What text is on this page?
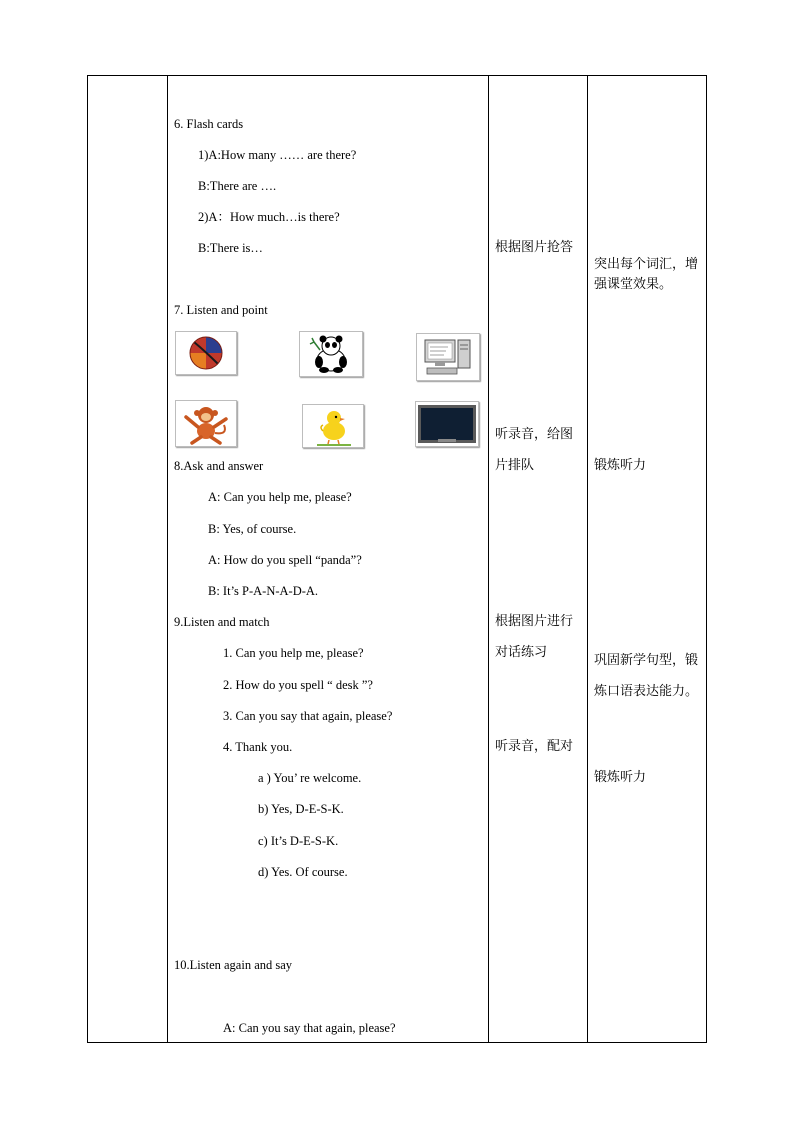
6. Flash cards
1)A:How many …… are there?
B:There are ….
2)A：How much…is there?
B:There is…
7. Listen and point
8.Ask and answer
A: Can you help me, please?
B: Yes, of course.
A: How do you spell “panda”?
B: It’s P-A-N-A-D-A.
9.Listen and match
1. Can you help me, please?
2. How do you spell “ desk ”?
3. Can you say that again, please?
4. Thank you.
a ) You’ re welcome.
b) Yes, D-E-S-K.
c) It’s D-E-S-K.
d) Yes. Of course.
10.Listen again and say
A: Can you say that again, please?
根据图片抢答
听录音，给图
片排队
根据图片进行
对话练习
听录音，配对
突出每个词汇，增强课堂效果。
锻炼听力
巩固新学句型，锻炼口语表达能力。
锻炼听力
